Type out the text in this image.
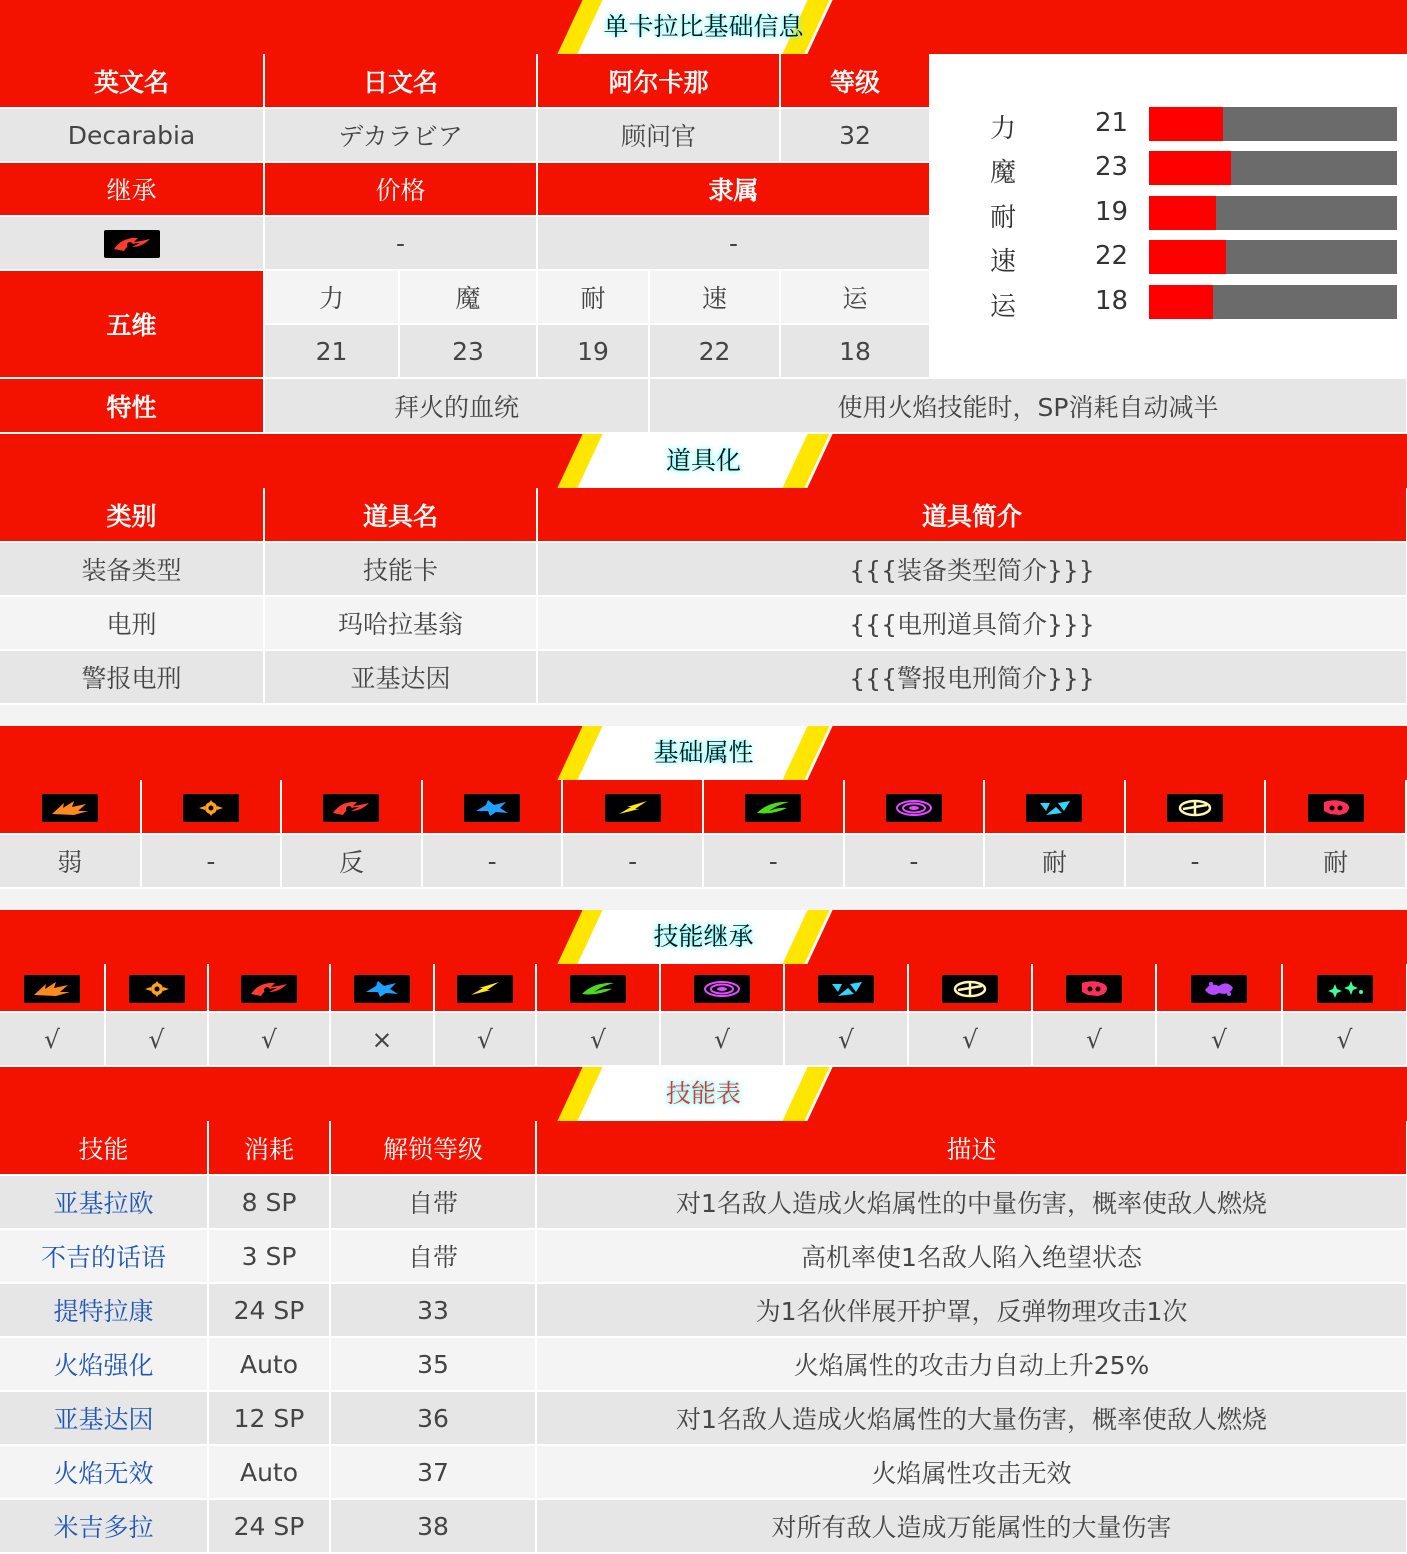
单卡拉比基础信息
英文名	日文名		阿尔卡那		等级
Decarabia	デカラビア		顾问官		32
继承	价格		隶属		

	-		-		
五维	力	魔	耐	速	运
	21	23	19	22	18
特性	拜火的血统	使用火焰技能时，SP消耗自动减半
力	21
魔	23
耐	19
速	22
运	18
道具化
类别	道具名	道具简介
装备类型	技能卡	{{{装备类型简介}}}
电刑	玛哈拉基翁	{{{电刑道具简介}}}
警报电刑	亚基达因	{{{警报电刑简介}}}
基础属性

弱	-	反	-	-	-	-	耐	-	耐
技能继承

√	√	√	×	√	√	√	√	√	√	√	√
技能表
技能	消耗	解锁等级	描述
亚基拉欧	8 SP	自带	对1名敌人造成火焰属性的中量伤害，概率使敌人燃烧
不吉的话语	3 SP	自带	高机率使1名敌人陷入绝望状态
提特拉康	24 SP	33	为1名伙伴展开护罩，反弹物理攻击1次
火焰强化	Auto	35	火焰属性的攻击力自动上升25%
亚基达因	12 SP	36	对1名敌人造成火焰属性的大量伤害，概率使敌人燃烧
火焰无效	Auto	37	火焰属性攻击无效
米吉多拉	24 SP	38	对所有敌人造成万能属性的大量伤害
